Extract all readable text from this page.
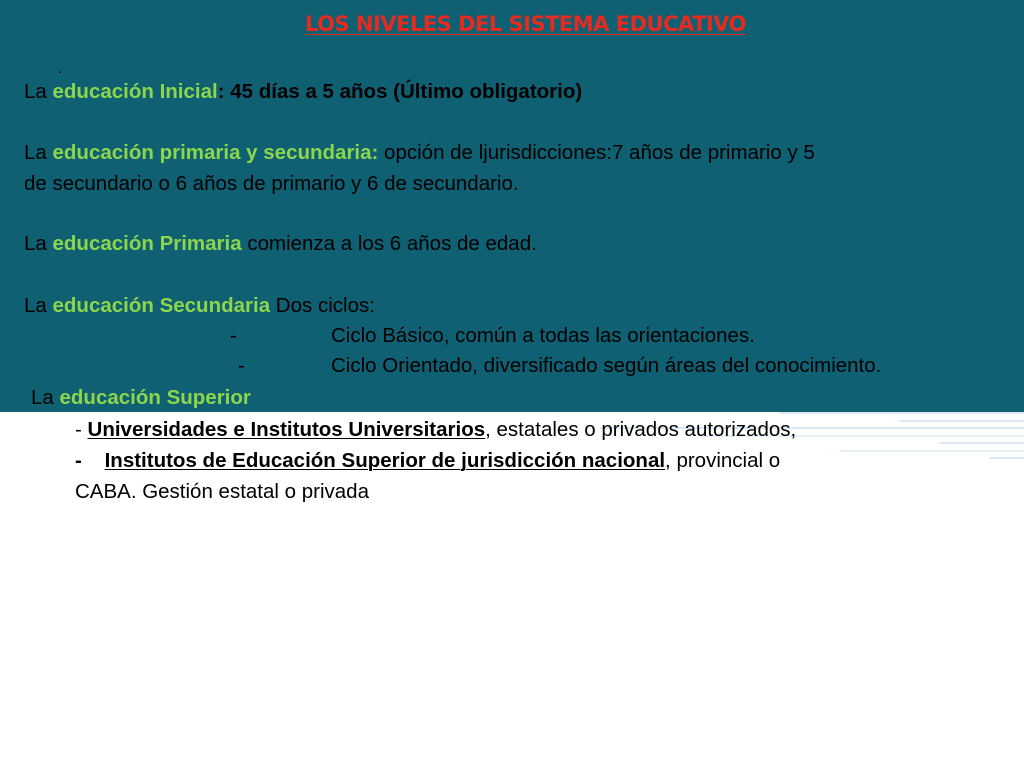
LOS NIVELES DEL SISTEMA EDUCATIVO
.
La educación Inicial: 45 días a 5 años (Último obligatorio)
La educación primaria y secundaria: opción de ljurisdicciones:7 años de primario y 5
de secundario o 6 años de primario y 6 de secundario.
La educación Primaria comienza a los 6 años de edad.
La educación Secundaria Dos ciclos:
-	Ciclo Básico, común a todas las orientaciones.
-	Ciclo Orientado, diversificado según áreas del conocimiento.
La educación Superior
- Universidades e Institutos Universitarios, estatales o privados autorizados,
-    Institutos de Educación Superior de jurisdicción nacional, provincial o
CABA. Gestión estatal o privada
